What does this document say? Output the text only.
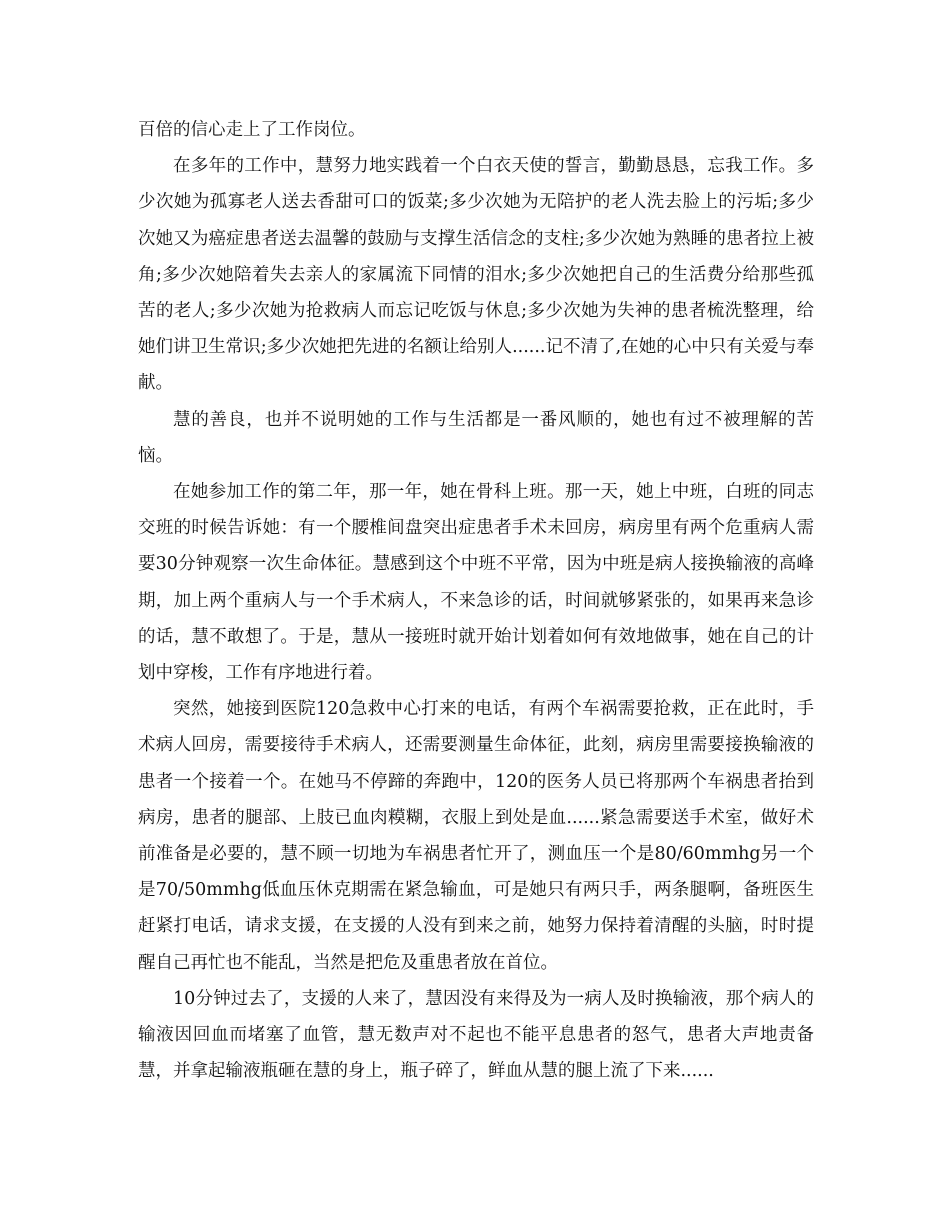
百倍的信心走上了工作岗位。

在多年的工作中，慧努力地实践着一个白衣天使的誓言，勤勤恳恳，忘我工作。多少次她为孤寡老人送去香甜可口的饭菜;多少次她为无陪护的老人洗去脸上的污垢;多少次她又为癌症患者送去温馨的鼓励与支撑生活信念的支柱;多少次她为熟睡的患者拉上被角;多少次她陪着失去亲人的家属流下同情的泪水;多少次她把自己的生活费分给那些孤苦的老人;多少次她为抢救病人而忘记吃饭与休息;多少次她为失神的患者梳洗整理，给她们讲卫生常识;多少次她把先进的名额让给别人......记不清了,在她的心中只有关爱与奉献。

慧的善良，也并不说明她的工作与生活都是一番风顺的，她也有过不被理解的苦恼。

在她参加工作的第二年，那一年，她在骨科上班。那一天，她上中班，白班的同志交班的时候告诉她：有一个腰椎间盘突出症患者手术未回房，病房里有两个危重病人需要30分钟观察一次生命体征。慧感到这个中班不平常，因为中班是病人接换输液的高峰期，加上两个重病人与一个手术病人，不来急诊的话，时间就够紧张的，如果再来急诊的话，慧不敢想了。于是，慧从一接班时就开始计划着如何有效地做事，她在自己的计划中穿梭，工作有序地进行着。

突然，她接到医院120急救中心打来的电话，有两个车祸需要抢救，正在此时，手术病人回房，需要接待手术病人，还需要测量生命体征，此刻，病房里需要接换输液的患者一个接着一个。在她马不停蹄的奔跑中，120的医务人员已将那两个车祸患者抬到病房，患者的腿部、上肢已血肉糢糊，衣服上到处是血......紧急需要送手术室，做好术前准备是必要的，慧不顾一切地为车祸患者忙开了，测血压一个是80/60mmhg另一个是70/50mmhg低血压休克期需在紧急输血，可是她只有两只手，两条腿啊，备班医生赶紧打电话，请求支援，在支援的人没有到来之前，她努力保持着清醒的头脑，时时提醒自己再忙也不能乱，当然是把危及重患者放在首位。

10分钟过去了，支援的人来了，慧因没有来得及为一病人及时换输液，那个病人的输液因回血而堵塞了血管，慧无数声对不起也不能平息患者的怒气，患者大声地责备慧，并拿起输液瓶砸在慧的身上，瓶子碎了，鲜血从慧的腿上流了下来......
